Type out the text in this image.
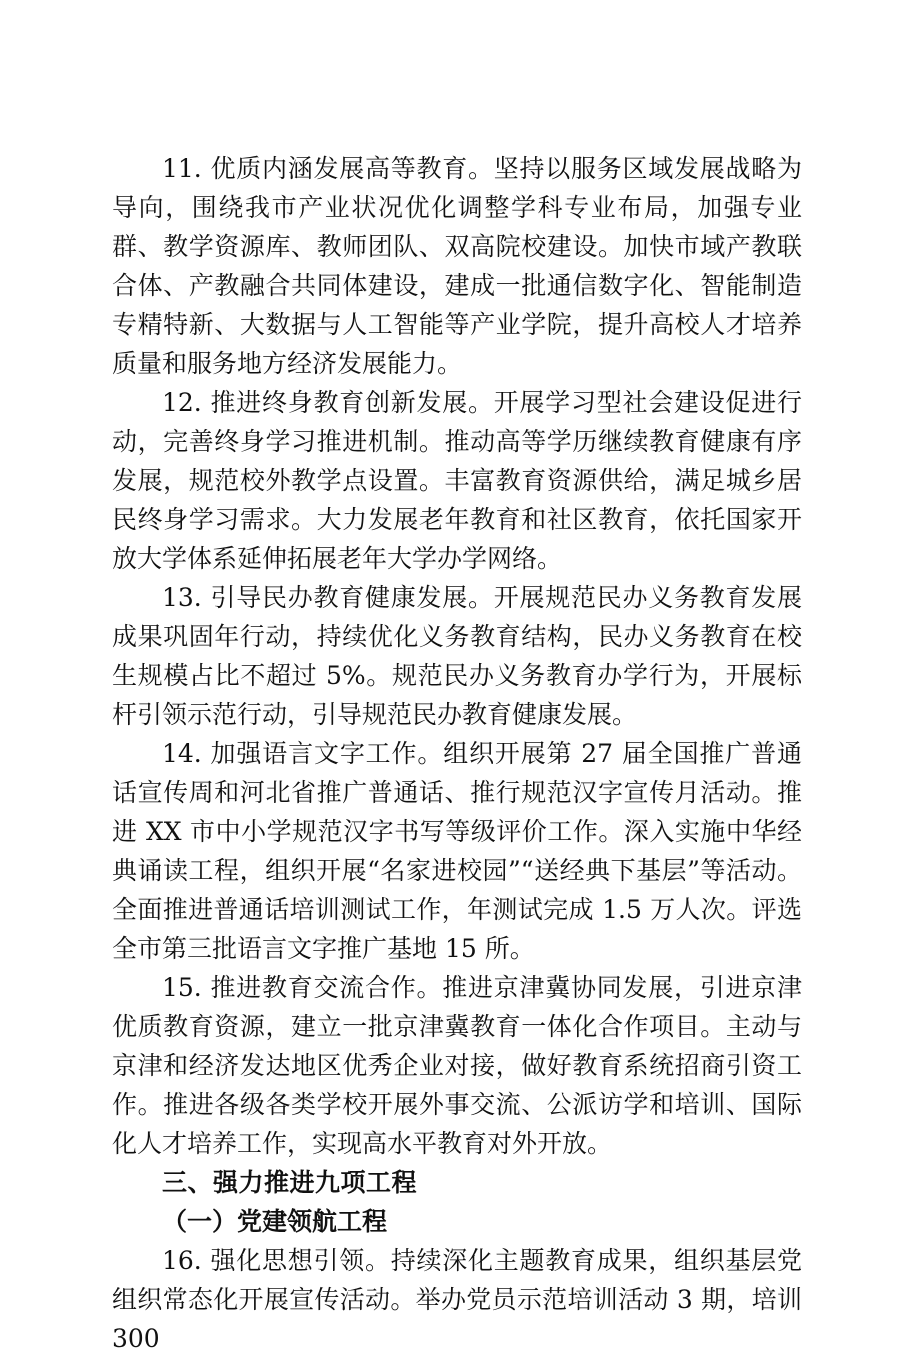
11. 优质内涵发展高等教育。坚持以服务区域发展战略为导向，围绕我市产业状况优化调整学科专业布局，加强专业群、教学资源库、教师团队、双高院校建设。加快市域产教联合体、产教融合共同体建设，建成一批通信数字化、智能制造专精特新、大数据与人工智能等产业学院，提升高校人才培养质量和服务地方经济发展能力。

12. 推进终身教育创新发展。开展学习型社会建设促进行动，完善终身学习推进机制。推动高等学历继续教育健康有序发展，规范校外教学点设置。丰富教育资源供给，满足城乡居民终身学习需求。大力发展老年教育和社区教育，依托国家开放大学体系延伸拓展老年大学办学网络。

13. 引导民办教育健康发展。开展规范民办义务教育发展成果巩固年行动，持续优化义务教育结构，民办义务教育在校生规模占比不超过 5%。规范民办义务教育办学行为，开展标杆引领示范行动，引导规范民办教育健康发展。

14. 加强语言文字工作。组织开展第 27 届全国推广普通话宣传周和河北省推广普通话、推行规范汉字宣传月活动。推进 XX 市中小学规范汉字书写等级评价工作。深入实施中华经典诵读工程，组织开展“名家进校园”“送经典下基层”等活动。全面推进普通话培训测试工作，年测试完成 1.5 万人次。评选全市第三批语言文字推广基地 15 所。

15. 推进教育交流合作。推进京津冀协同发展，引进京津优质教育资源，建立一批京津冀教育一体化合作项目。主动与京津和经济发达地区优秀企业对接，做好教育系统招商引资工作。推进各级各类学校开展外事交流、公派访学和培训、国际化人才培养工作，实现高水平教育对外开放。

三、强力推进九项工程

（一）党建领航工程

16. 强化思想引领。持续深化主题教育成果，组织基层党组织常态化开展宣传活动。举办党员示范培训活动 3 期，培训 300
